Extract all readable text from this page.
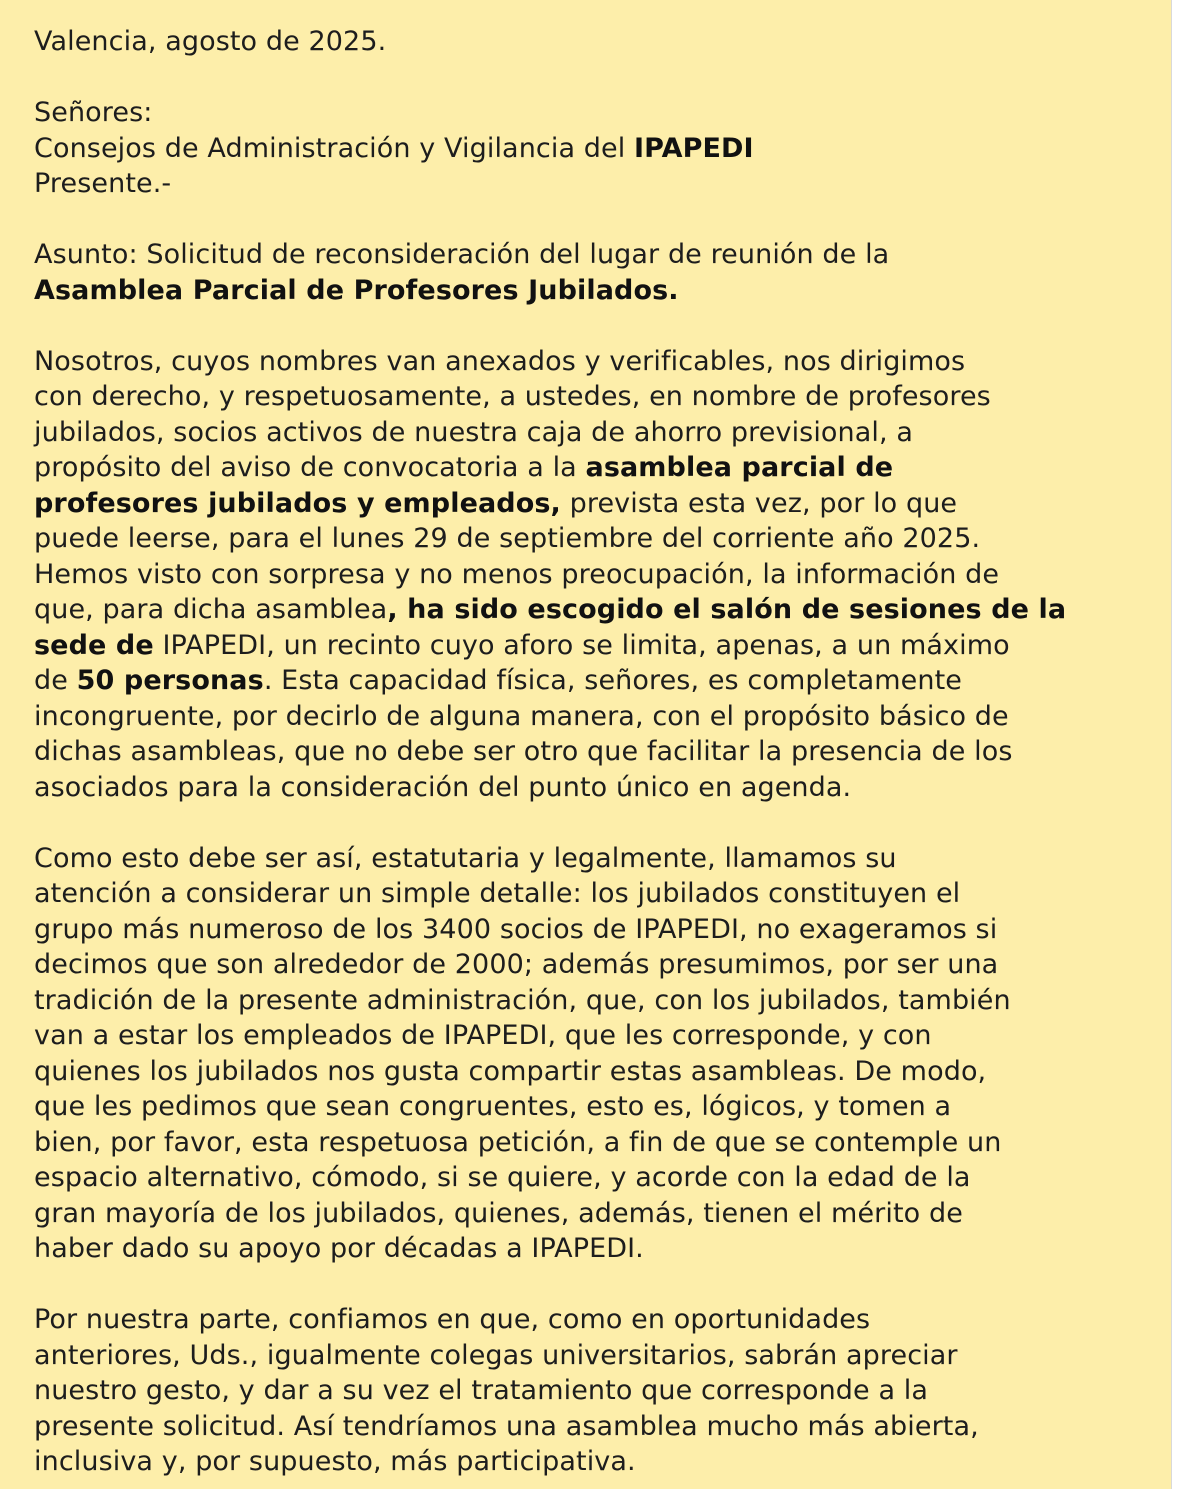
Valencia, agosto de 2025.
Señores:
Consejos de Administración y Vigilancia del IPAPEDI
Presente.-
Asunto: Solicitud de reconsideración del lugar de reunión de la
Asamblea Parcial de Profesores Jubilados.
Nosotros, cuyos nombres van anexados y verificables, nos dirigimos
con derecho, y respetuosamente, a ustedes, en nombre de profesores
jubilados, socios activos de nuestra caja de ahorro previsional, a
propósito del aviso de convocatoria a la asamblea parcial de
profesores jubilados y empleados, prevista esta vez, por lo que
puede leerse, para el lunes 29 de septiembre del corriente año 2025.
Hemos visto con sorpresa y no menos preocupación, la información de
que, para dicha asamblea, ha sido escogido el salón de sesiones de la
sede de IPAPEDI, un recinto cuyo aforo se limita, apenas, a un máximo
de 50 personas. Esta capacidad física, señores, es completamente
incongruente, por decirlo de alguna manera, con el propósito básico de
dichas asambleas, que no debe ser otro que facilitar la presencia de los
asociados para la consideración del punto único en agenda.
Como esto debe ser así, estatutaria y legalmente, llamamos su
atención a considerar un simple detalle: los jubilados constituyen el
grupo más numeroso de los 3400 socios de IPAPEDI, no exageramos si
decimos que son alrededor de 2000; además presumimos, por ser una
tradición de la presente administración, que, con los jubilados, también
van a estar los empleados de IPAPEDI, que les corresponde, y con
quienes los jubilados nos gusta compartir estas asambleas. De modo,
que les pedimos que sean congruentes, esto es, lógicos, y tomen a
bien, por favor, esta respetuosa petición, a fin de que se contemple un
espacio alternativo, cómodo, si se quiere, y acorde con la edad de la
gran mayoría de los jubilados, quienes, además, tienen el mérito de
haber dado su apoyo por décadas a IPAPEDI.
Por nuestra parte, confiamos en que, como en oportunidades
anteriores, Uds., igualmente colegas universitarios, sabrán apreciar
nuestro gesto, y dar a su vez el tratamiento que corresponde a la
presente solicitud. Así tendríamos una asamblea mucho más abierta,
inclusiva y, por supuesto, más participativa.
